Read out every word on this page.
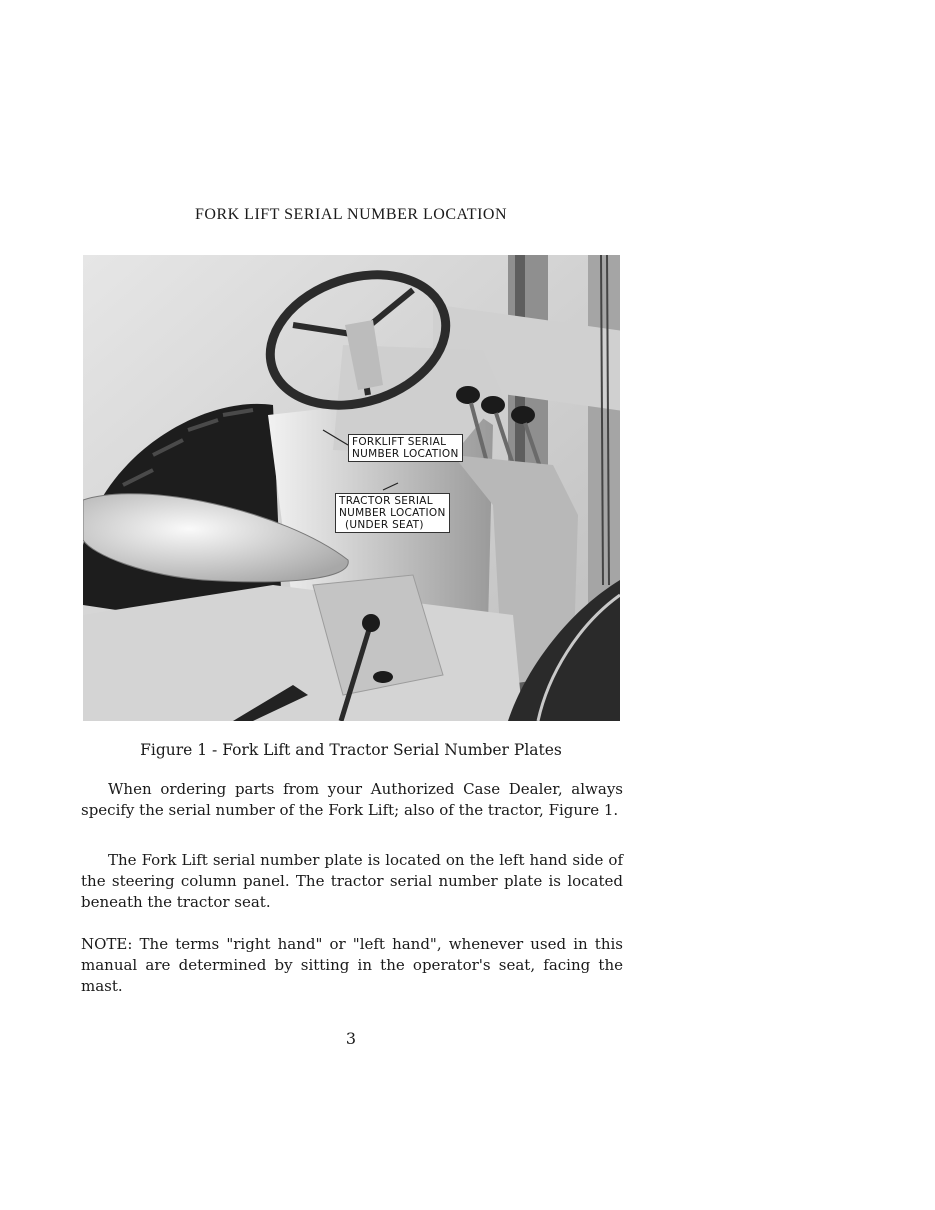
FORK LIFT SERIAL NUMBER LOCATION
FORKLIFT SERIAL
NUMBER LOCATION
TRACTOR SERIAL
NUMBER LOCATION
(UNDER SEAT)
Figure 1 - Fork Lift and Tractor Serial Number Plates

When ordering parts from your Authorized Case Dealer, always specify the serial number of the Fork Lift; also of the tractor, Figure 1.

The Fork Lift serial number plate is located on the left hand side of the steering column panel. The tractor serial number plate is located beneath the tractor seat.

NOTE: The terms "right hand" or "left hand", whenever used in this manual are determined by sitting in the operator's seat, facing the mast.

3
